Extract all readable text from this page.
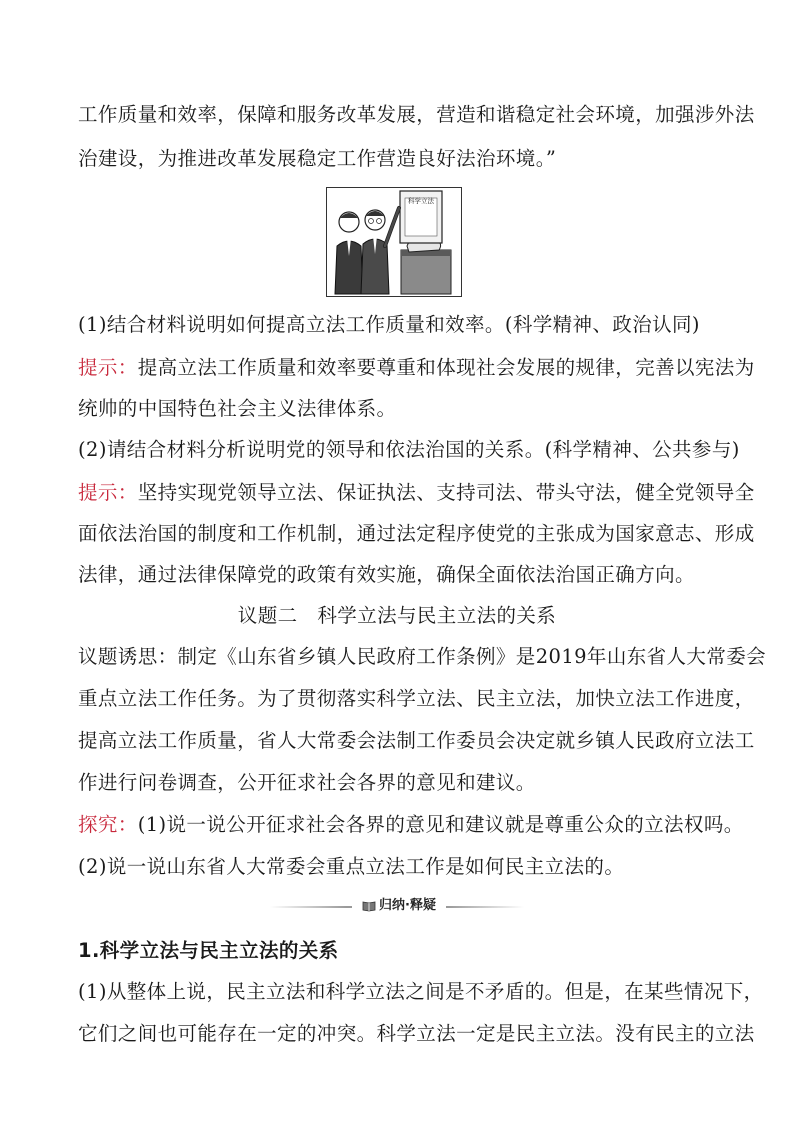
工作质量和效率，保障和服务改革发展，营造和谐稳定社会环境，加强涉外法
治建设，为推进改革发展稳定工作营造良好法治环境。”
科学立法
(1)结合材料说明如何提高立法工作质量和效率。(科学精神、政治认同)
提示：提高立法工作质量和效率要尊重和体现社会发展的规律，完善以宪法为
统帅的中国特色社会主义法律体系。
(2)请结合材料分析说明党的领导和依法治国的关系。(科学精神、公共参与)
提示：坚持实现党领导立法、保证执法、支持司法、带头守法，健全党领导全
面依法治国的制度和工作机制，通过法定程序使党的主张成为国家意志、形成
法律，通过法律保障党的政策有效实施，确保全面依法治国正确方向。
议题二　科学立法与民主立法的关系
议题诱思：制定《山东省乡镇人民政府工作条例》是2019年山东省人大常委会
重点立法工作任务。为了贯彻落实科学立法、民主立法，加快立法工作进度，
提高立法工作质量，省人大常委会法制工作委员会决定就乡镇人民政府立法工
作进行问卷调查，公开征求社会各界的意见和建议。
探究：(1)说一说公开征求社会各界的意见和建议就是尊重公众的立法权吗。
(2)说一说山东省人大常委会重点立法工作是如何民主立法的。
归纳·释疑
1.科学立法与民主立法的关系
(1)从整体上说，民主立法和科学立法之间是不矛盾的。但是，在某些情况下，
它们之间也可能存在一定的冲突。科学立法一定是民主立法。没有民主的立法
